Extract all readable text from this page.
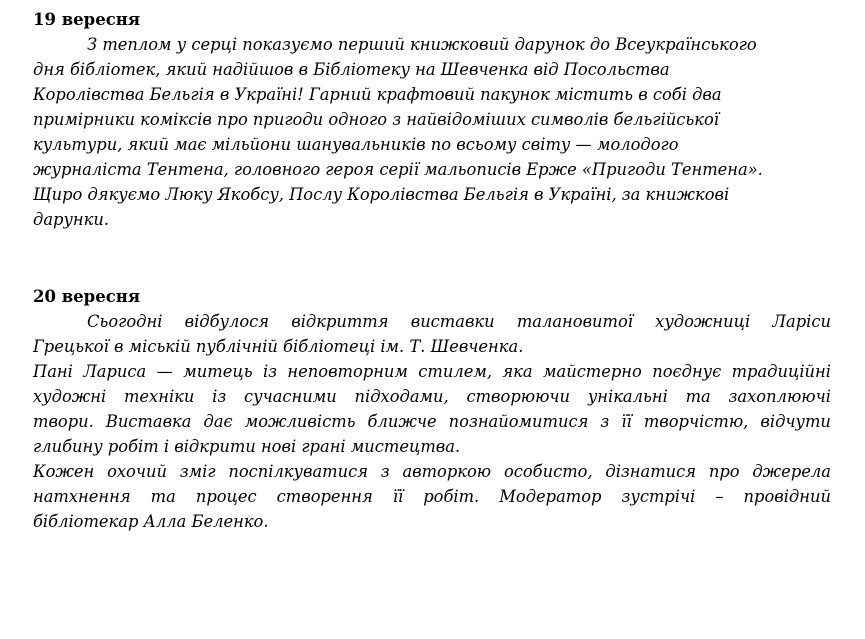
19 вересня
З теплом у серці показуємо перший книжковий дарунок до Всеукраїнського
дня бібліотек, який надійшов в Бібліотеку на Шевченка від Посольства
Королівства Бельгія в Україні! Гарний крафтовий пакунок містить в собі два
примірники коміксів про пригоди одного з найвідоміших символів бельгійської
культури, який має мільйони шанувальників по всьому світу — молодого
журналіста Тентена, головного героя серії мальописів Ерже «Пригоди Тентена».
Щиро дякуємо Люку Якобсу, Послу Королівства Бельгія в Україні, за книжкові
дарунки.
20 вересня
Сьогодні відбулося відкриття виставки талановитої художниці Ларіси
Грецької в міській публічній бібліотеці ім. Т. Шевченка.
Пані Лариса — митець із неповторним стилем, яка майстерно поєднує традиційні
художні техніки із сучасними підходами, створюючи унікальні та захоплюючі
твори. Виставка дає можливість ближче познайомитися з її творчістю, відчути
глибину робіт і відкрити нові грані мистецтва.
Кожен охочий зміг поспілкуватися з авторкою особисто, дізнатися про джерела
натхнення та процес створення її робіт. Модератор зустрічі – провідний
бібліотекар Алла Беленко.
